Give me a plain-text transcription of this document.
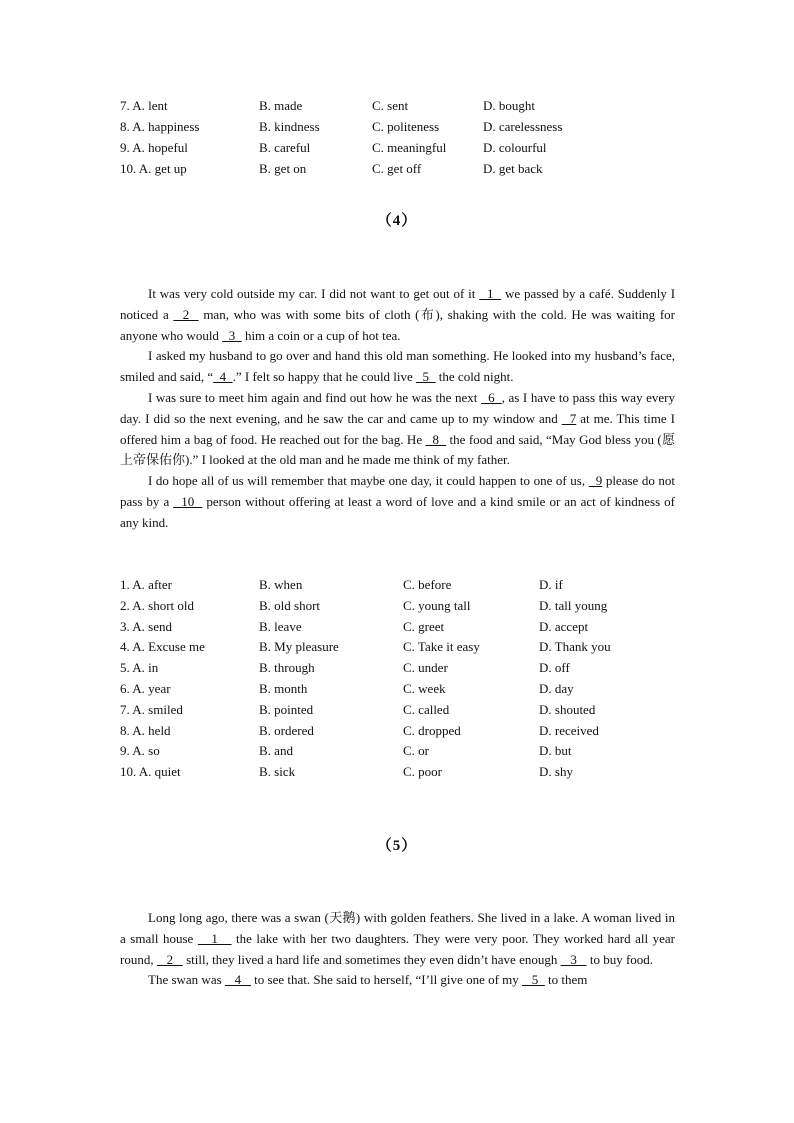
7. A. lent	B. made	C. sent	D. bought
8. A. happiness	B. kindness	C. politeness	D. carelessness
9. A. hopeful	B. careful	C. meaningful	D. colourful
10. A. get up	B. get on	C. get off	D. get back
（4）

It was very cold outside my car. I did not want to get out of it   1   we passed by a café. Suddenly I noticed a   2   man, who was with some bits of cloth (布), shaking with the cold. He was waiting for anyone who would   3   him a coin or a cup of hot tea.

I asked my husband to go over and hand this old man something. He looked into my husband’s face, smiled and said, “  4  .” I felt so happy that he could live   5   the cold night.

I was sure to meet him again and find out how he was the next   6  , as I have to pass this way every day. I did so the next evening, and he saw the car and came up to my window and   7 at me. This time I offered him a bag of food. He reached out for the bag. He   8   the food and said, “May God bless you (愿上帝保佑你).” I looked at the old man and he made me think of my father.

I do hope all of us will remember that maybe one day, it could happen to one of us,   9 please do not pass by a   10   person without offering at least a word of love and a kind smile or an act of kindness of any kind.

1. A. after	B. when	C. before	D. if
2. A. short old	B. old short	C. young tall	D. tall young
3. A. send	B. leave	C. greet	D. accept
4. A. Excuse me	B. My pleasure	C. Take it easy	D. Thank you
5. A. in	B. through	C. under	D. off
6. A. year	B. month	C. week	D. day
7. A. smiled	B. pointed	C. called	D. shouted
8. A. held	B. ordered	C. dropped	D. received
9. A. so	B. and	C. or	D. but
10. A. quiet	B. sick	C. poor	D. shy
（5）

Long long ago, there was a swan (天鹅) with golden feathers. She lived in a lake. A woman lived in a small house    1    the lake with her two daughters. They were very poor. They worked hard all year round,    2    still, they lived a hard life and sometimes they even didn’t have enough    3    to buy food.

The swan was    4    to see that. She said to herself, “I’ll give one of my    5   to them
